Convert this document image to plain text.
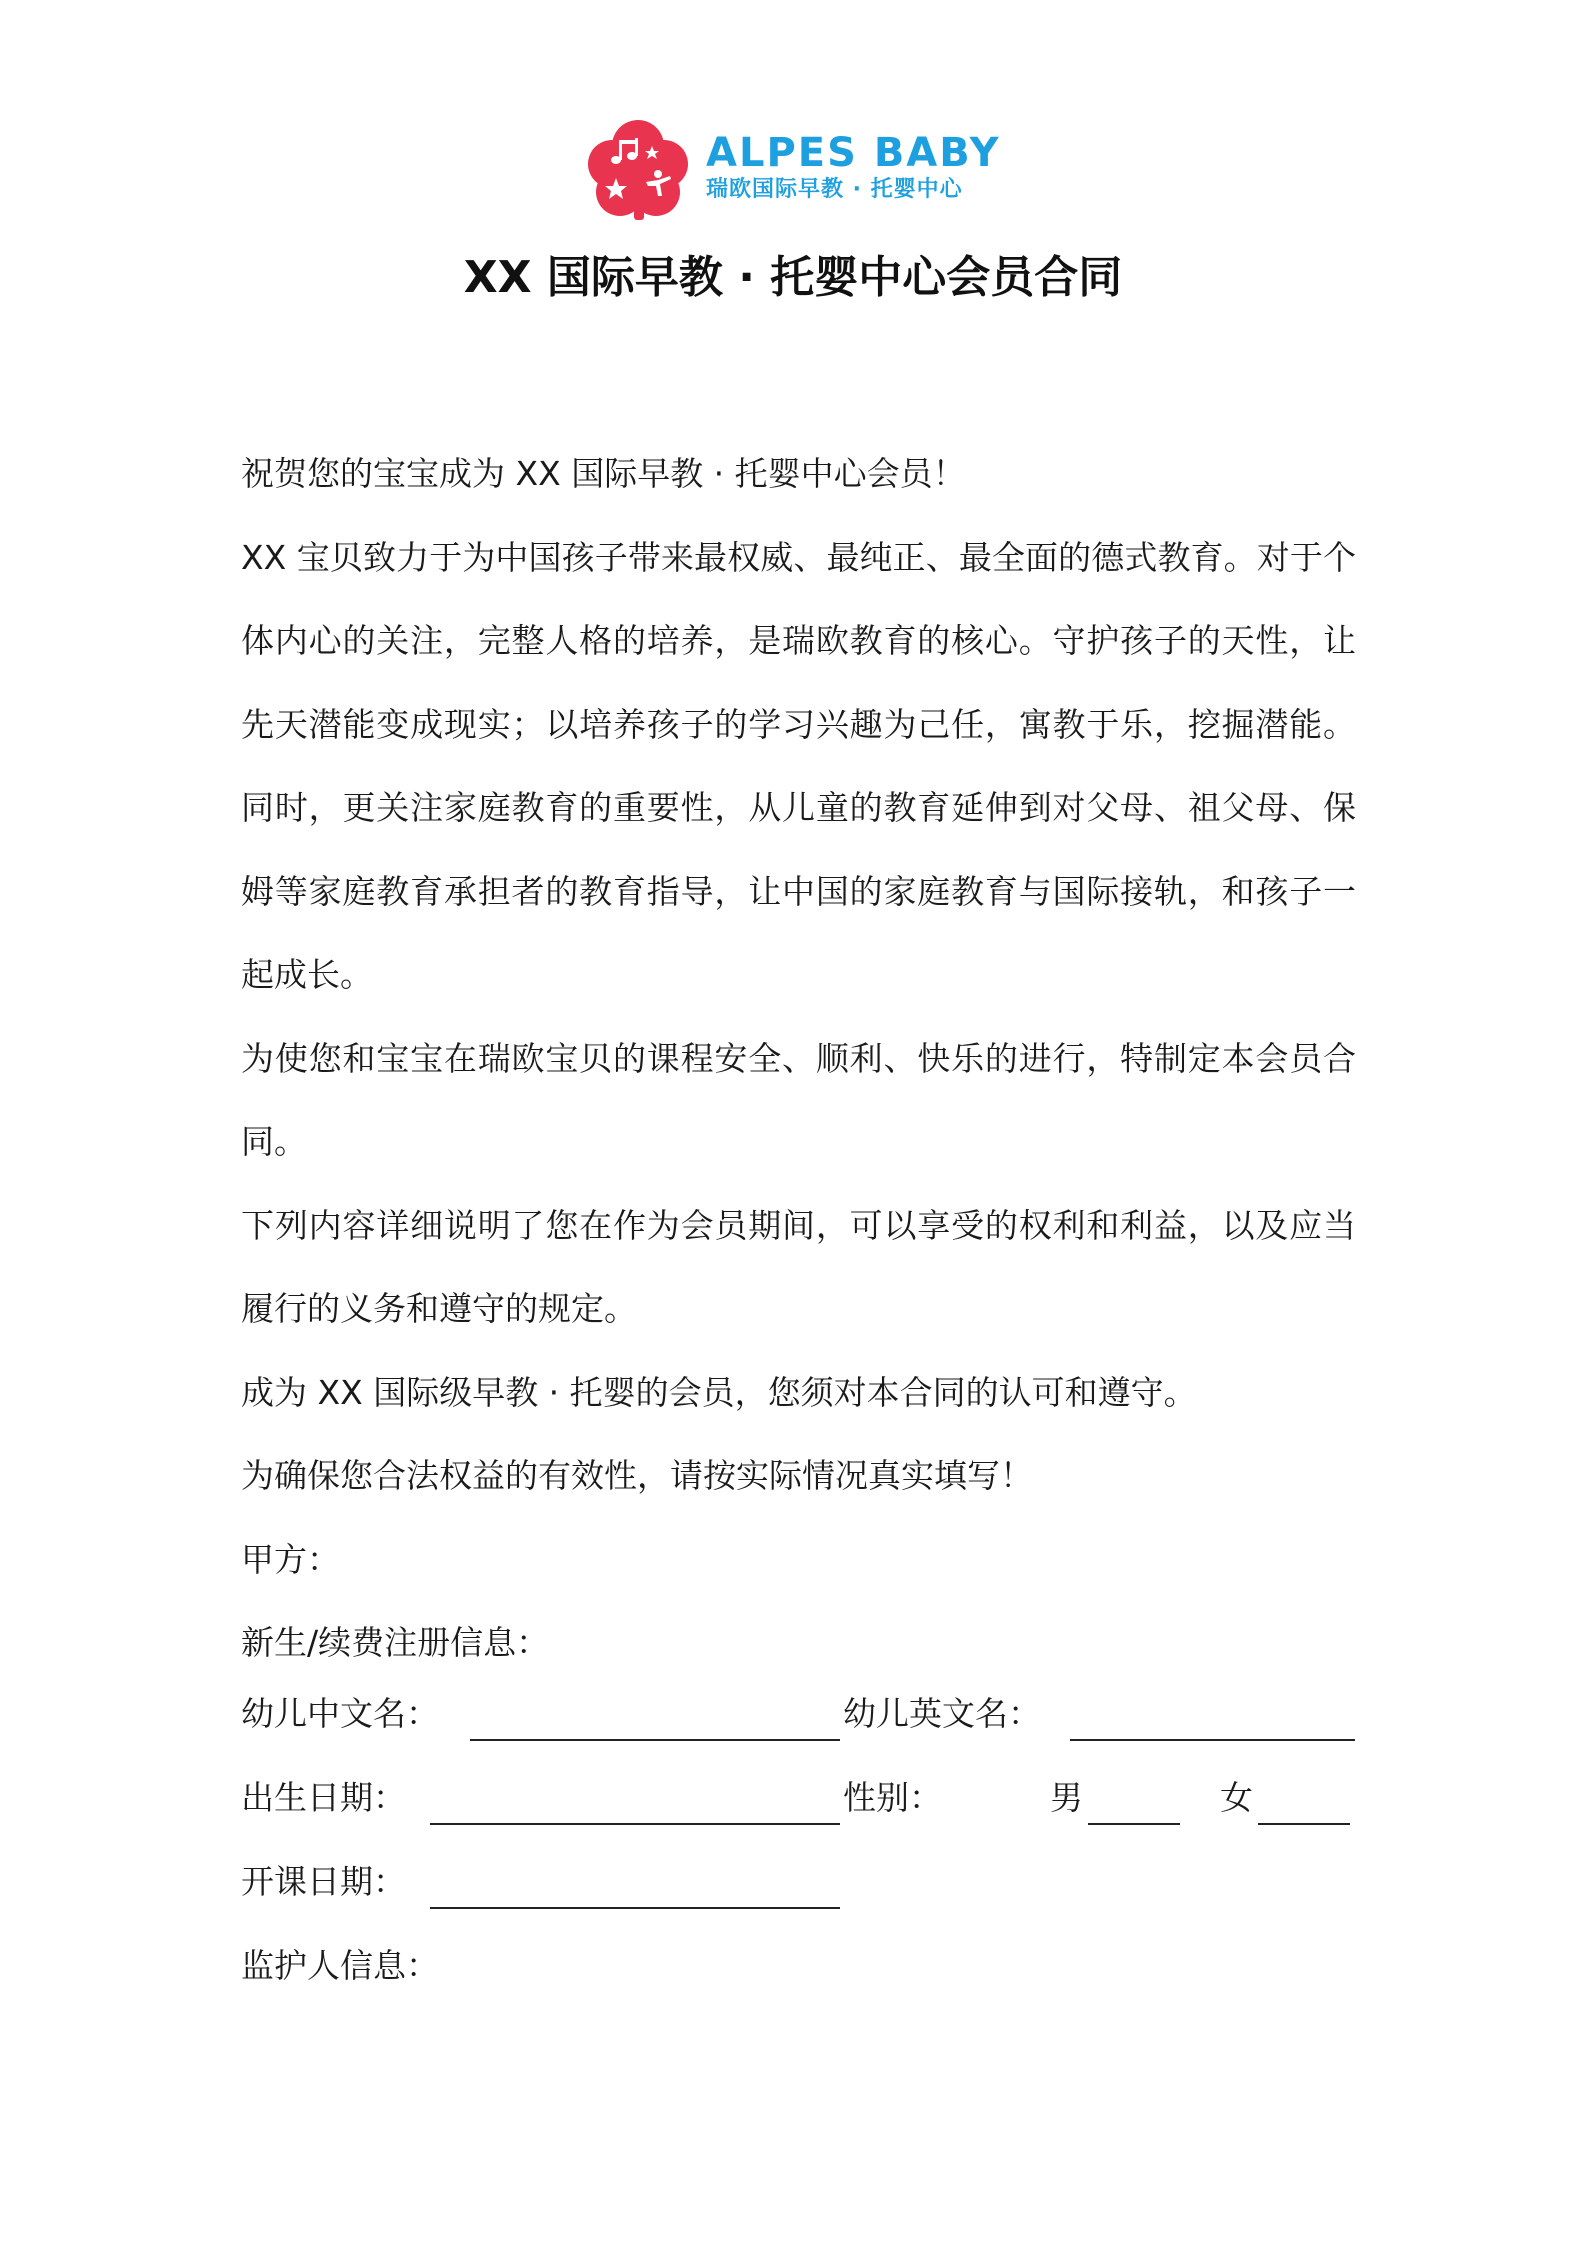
ALPES BABY
瑞欧国际早教 · 托婴中心
XX 国际早教 · 托婴中心会员合同

祝贺您的宝宝成为 XX 国际早教 · 托婴中心会员！

XX 宝贝致力于为中国孩子带来最权威、最纯正、最全面的德式教育。对于个体内心的关注，完整人格的培养，是瑞欧教育的核心。守护孩子的天性，让先天潜能变成现实；以培养孩子的学习兴趣为己任，寓教于乐，挖掘潜能。同时，更关注家庭教育的重要性，从儿童的教育延伸到对父母、祖父母、保姆等家庭教育承担者的教育指导，让中国的家庭教育与国际接轨，和孩子一起成长。

为使您和宝宝在瑞欧宝贝的课程安全、顺利、快乐的进行，特制定本会员合同。

下列内容详细说明了您在作为会员期间，可以享受的权利和利益，以及应当履行的义务和遵守的规定。

成为 XX 国际级早教 · 托婴的会员，您须对本合同的认可和遵守。

为确保您合法权益的有效性，请按实际情况真实填写！

甲方：

新生/续费注册信息：

幼儿中文名：	幼儿英文名：
出生日期：	性别：	男	女
开课日期：
监护人信息：
